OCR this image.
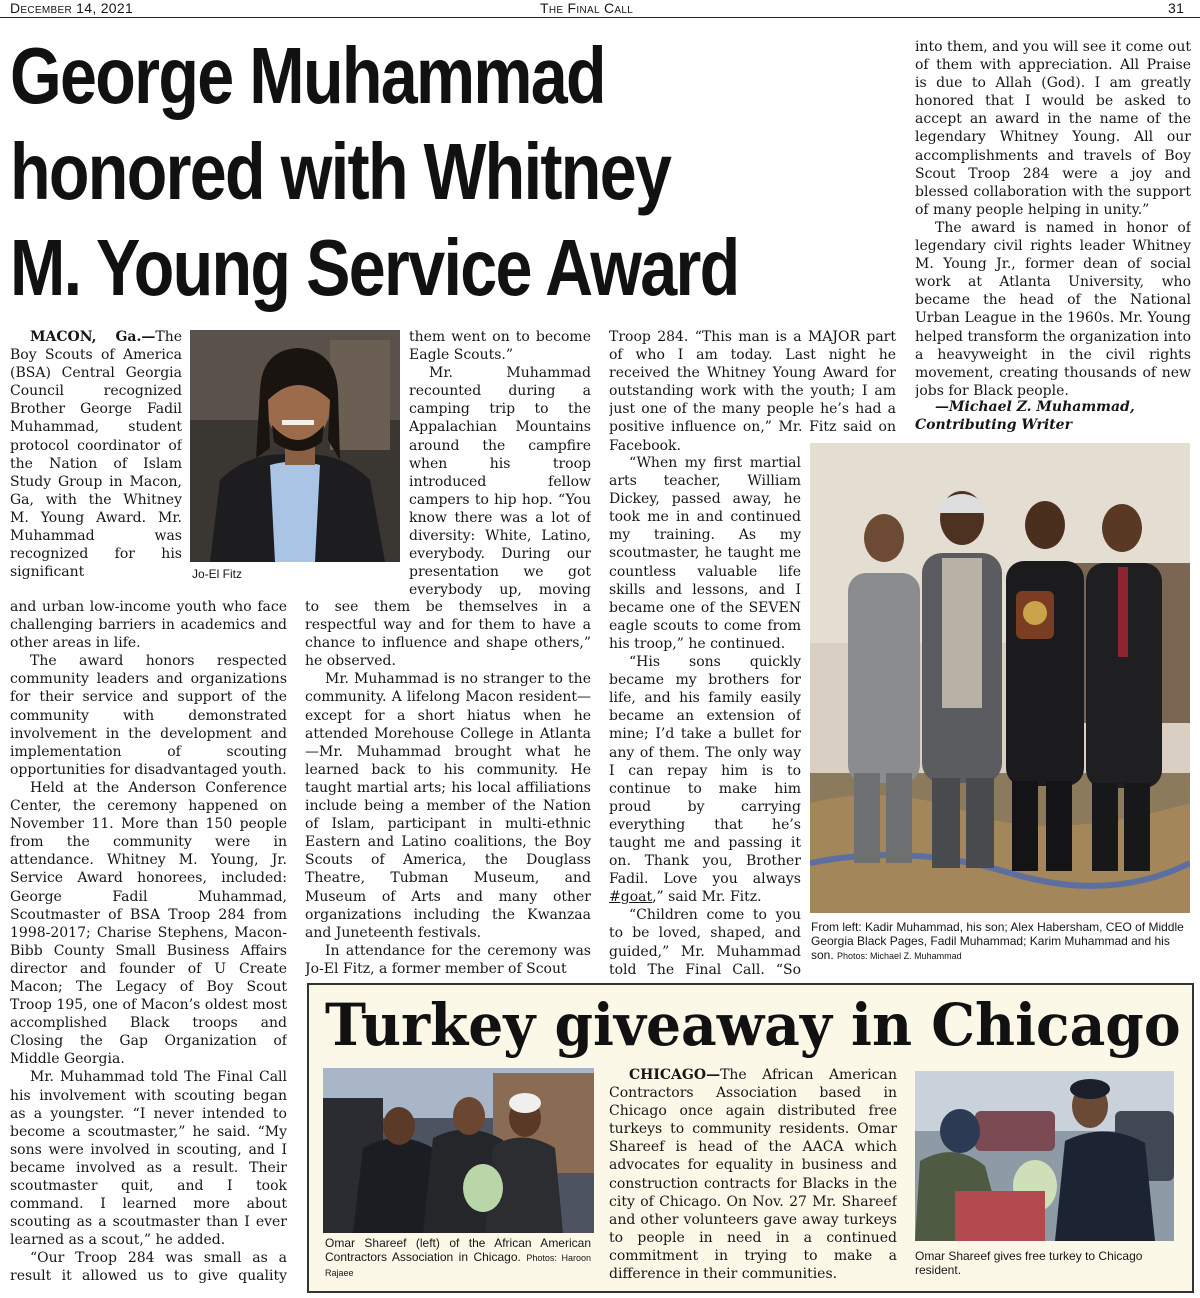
December 14, 2021	The Final Call	31
George Muhammad
honored with Whitney
M. Young Service Award
Jo-El Fitz

MACON, Ga.—The Boy Scouts of America (BSA) Central Georgia Council recognized Brother George Fadil Muhammad, student protocol coordinator of the Nation of Islam Study Group in Macon, Ga, with the Whitney M. Young Award. Mr. Muhammad was recognized for his significant

and urban low-income youth who face challenging barriers in academics and other areas in life.

The award honors respected community leaders and organizations for their service and support of the community with demonstrated involvement in the development and implementation of scouting opportunities for disadvantaged youth.

Held at the Anderson Conference Center, the ceremony happened on November 11. More than 150 people from the community were in attendance. Whitney M. Young, Jr. Service Award honorees, included: George Fadil Muhammad, Scoutmaster of BSA Troop 284 from 1998-2017; Charise Stephens, Macon-Bibb County Small Business Affairs director and founder of U Create Macon; The Legacy of Boy Scout Troop 195, one of Macon’s oldest most accomplished Black troops and Closing the Gap Organization of Middle Georgia.

Mr. Muhammad told The Final Call his involvement with scouting began as a youngster. “I never intended to become a scoutmaster,” he said. “My sons were involved in scouting, and I became involved as a result. Their scoutmaster quit, and I took command. I learned more about scouting as a scoutmaster than I ever learned as a scout,” he added.

“Our Troop 284 was small as a result it allowed us to give quality

them went on to become Eagle Scouts.”

Mr. Muhammad recounted during a camping trip to the Appalachian Mountains around the campfire when his troop introduced fellow campers to hip hop. “You know there was a lot of diversity: White, Latino, everybody. During our presentation we got everybody up, moving

to see them be themselves in a respectful way and for them to have a chance to influence and shape others,” he observed.

Mr. Muhammad is no stranger to the community. A lifelong Macon resident—except for a short hiatus when he attended Morehouse College in Atlanta—Mr. Muhammad brought what he learned back to his community. He taught martial arts; his local affiliations include being a member of the Nation of Islam, participant in multi-ethnic Eastern and Latino coalitions, the Boy Scouts of America, the Douglass Theatre, Tubman Museum, and Museum of Arts and many other organizations including the Kwanzaa and Juneteenth festivals.

In attendance for the ceremony was Jo-El Fitz, a former member of Scout

Troop 284. “This man is a MAJOR part of who I am today. Last night he received the Whitney Young Award for outstanding work with the youth; I am just one of the many people he’s had a positive influence on,” Mr. Fitz said on Facebook.

“When my first martial arts teacher, William Dickey, passed away, he took me in and continued my training. As my scoutmaster, he taught me countless valuable life skills and lessons, and I became one of the SEVEN eagle scouts to come from his troop,” he continued.

“His sons quickly became my brothers for life, and his family easily became an extension of mine; I’d take a bullet for any of them. The only way I can repay him is to continue to make him proud by carrying everything that he’s taught me and passing it on. Thank you, Brother Fadil. Love you always #goat,” said Mr. Fitz.

“Children come to you to be loved, shaped, and guided,” Mr. Muhammad told The Final Call. “So

into them, and you will see it come out of them with appreciation. All Praise is due to Allah (God). I am greatly honored that I would be asked to accept an award in the name of the legendary Whitney Young. All our accomplishments and travels of Boy Scout Troop 284 were a joy and blessed collaboration with the support of many people helping in unity.”

The award is named in honor of legendary civil rights leader Whitney M. Young Jr., former dean of social work at Atlanta University, who became the head of the National Urban League in the 1960s. Mr. Young helped transform the organization into a heavyweight in the civil rights movement, creating thousands of new jobs for Black people.

—Michael Z. Muhammad, Contributing Writer
From left: Kadir Muhammad, his son; Alex Habersham, CEO of Middle Georgia Black Pages, Fadil Muhammad; Karim Muhammad and his son. Photos: Michael Z. Muhammad
Turkey giveaway in Chicago
Omar Shareef (left) of the African American Contractors Association in Chicago. Photos: Haroon Rajaee

CHICAGO—The African American Contractors Association based in Chicago once again distributed free turkeys to community residents. Omar Shareef is head of the AACA which advocates for equality in business and construction contracts for Blacks in the city of Chicago. On Nov. 27 Mr. Shareef and other volunteers gave away turkeys to people in need in a continued commitment in trying to make a difference in their communities.

Omar Shareef gives free turkey to Chicago resident.
